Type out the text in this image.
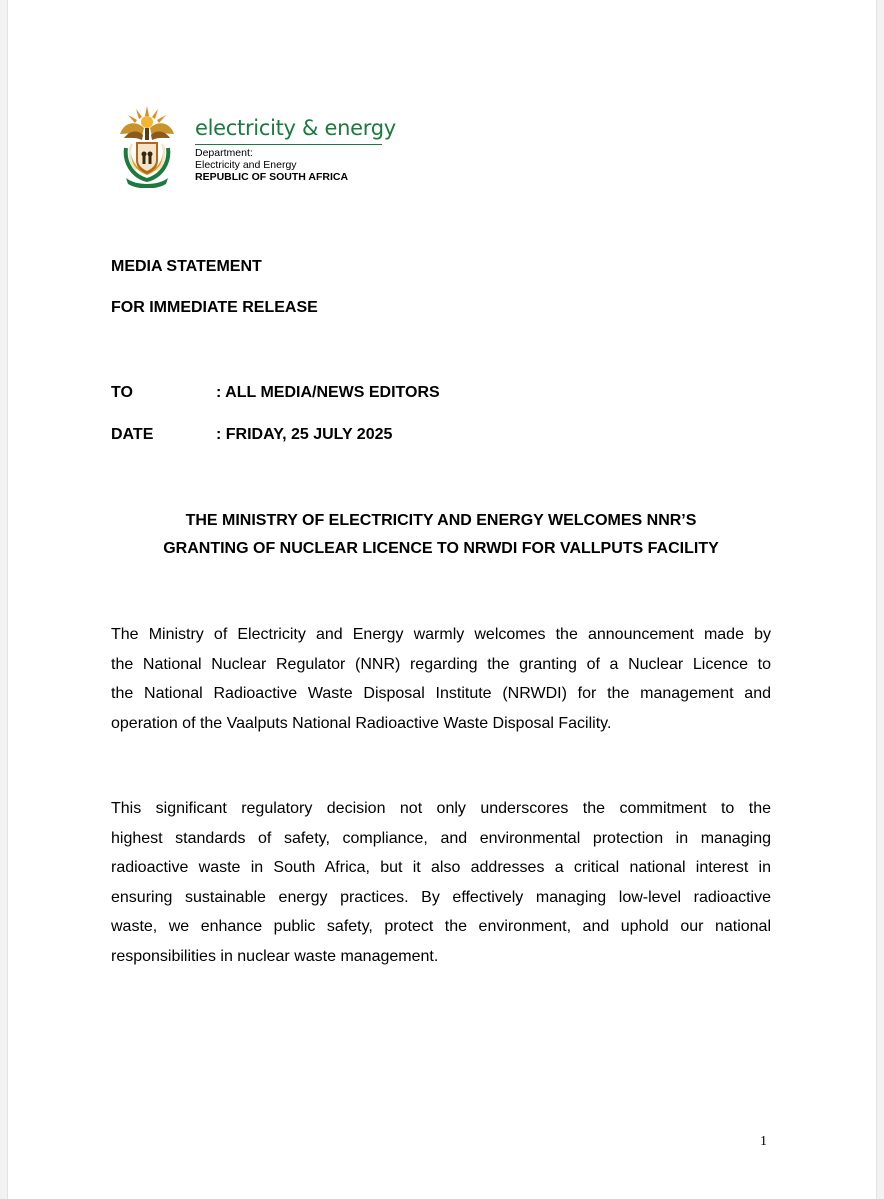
electricity & energy
Department:
Electricity and Energy
REPUBLIC OF SOUTH AFRICA
MEDIA STATEMENT
FOR IMMEDIATE RELEASE
TO	: ALL MEDIA/NEWS EDITORS
DATE	: FRIDAY, 25 JULY 2025
THE MINISTRY OF ELECTRICITY AND ENERGY WELCOMES NNR’S
GRANTING OF NUCLEAR LICENCE TO NRWDI FOR VALLPUTS FACILITY
The Ministry of Electricity and Energy warmly welcomes the announcement made by
the National Nuclear Regulator (NNR) regarding the granting of a Nuclear Licence to
the National Radioactive Waste Disposal Institute (NRWDI) for the management and
operation of the Vaalputs National Radioactive Waste Disposal Facility.
This significant regulatory decision not only underscores the commitment to the
highest standards of safety, compliance, and environmental protection in managing
radioactive waste in South Africa, but it also addresses a critical national interest in
ensuring sustainable energy practices. By effectively managing low-level radioactive
waste, we enhance public safety, protect the environment, and uphold our national
responsibilities in nuclear waste management.
1
